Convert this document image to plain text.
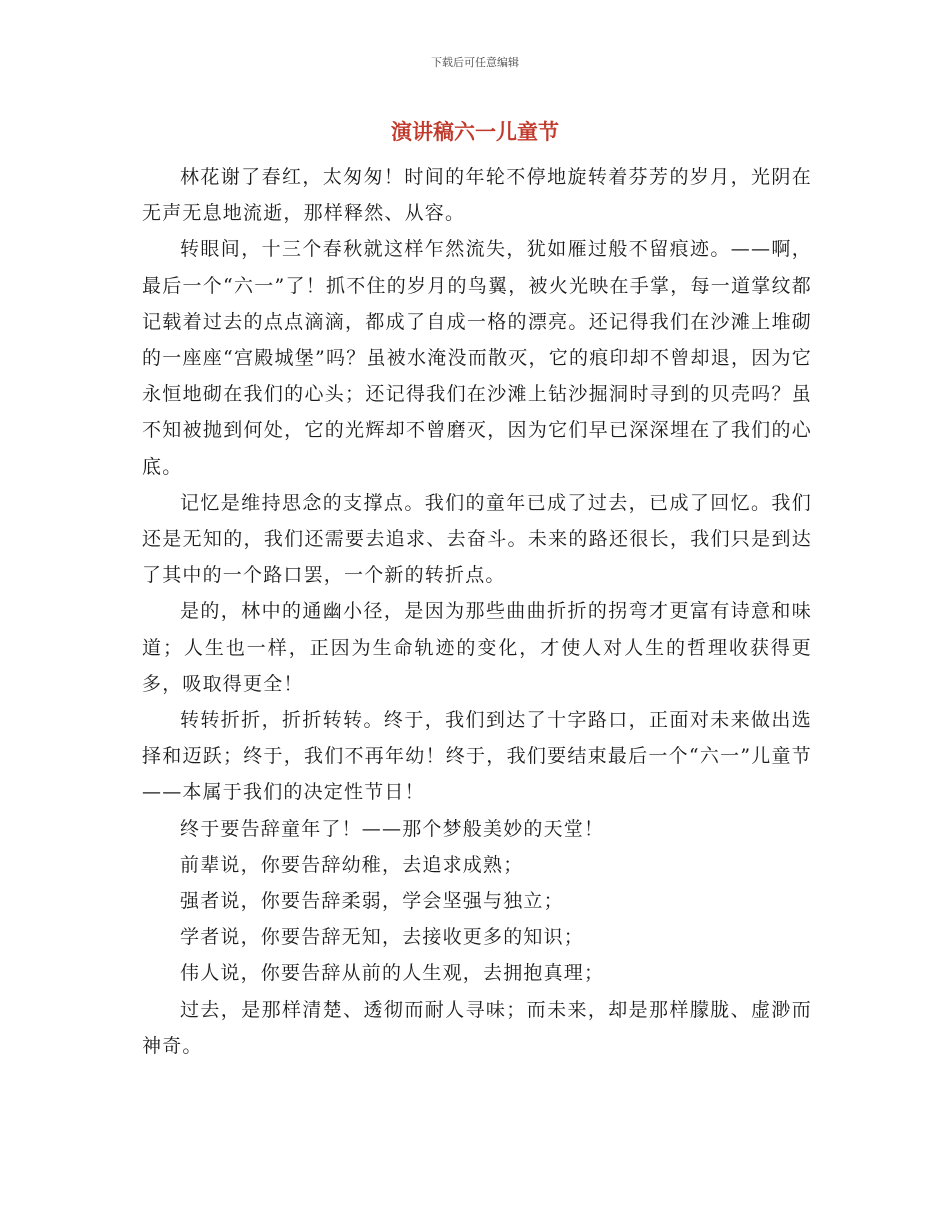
下载后可任意编辑
演讲稿六一儿童节

林花谢了春红，太匆匆！时间的年轮不停地旋转着芬芳的岁月，光阴在无声无息地流逝，那样释然、从容。

转眼间，十三个春秋就这样乍然流失，犹如雁过般不留痕迹。——啊，最后一个“六一”了！抓不住的岁月的鸟翼，被火光映在手掌，每一道掌纹都记载着过去的点点滴滴，都成了自成一格的漂亮。还记得我们在沙滩上堆砌的一座座“宫殿城堡”吗？虽被水淹没而散灭，它的痕印却不曾却退，因为它永恒地砌在我们的心头；还记得我们在沙滩上钻沙掘洞时寻到的贝壳吗？虽不知被抛到何处，它的光辉却不曾磨灭，因为它们早已深深埋在了我们的心底。

记忆是维持思念的支撑点。我们的童年已成了过去，已成了回忆。我们还是无知的，我们还需要去追求、去奋斗。未来的路还很长，我们只是到达了其中的一个路口罢，一个新的转折点。

是的，林中的通幽小径，是因为那些曲曲折折的拐弯才更富有诗意和味道；人生也一样，正因为生命轨迹的变化，才使人对人生的哲理收获得更多，吸取得更全！

转转折折，折折转转。终于，我们到达了十字路口，正面对未来做出选择和迈跃；终于，我们不再年幼！终于，我们要结束最后一个“六一”儿童节——本属于我们的决定性节日！

终于要告辞童年了！——那个梦般美妙的天堂！

前辈说，你要告辞幼稚，去追求成熟；

强者说，你要告辞柔弱，学会坚强与独立；

学者说，你要告辞无知，去接收更多的知识；

伟人说，你要告辞从前的人生观，去拥抱真理；

过去，是那样清楚、透彻而耐人寻味；而未来，却是那样朦胧、虚渺而神奇。
